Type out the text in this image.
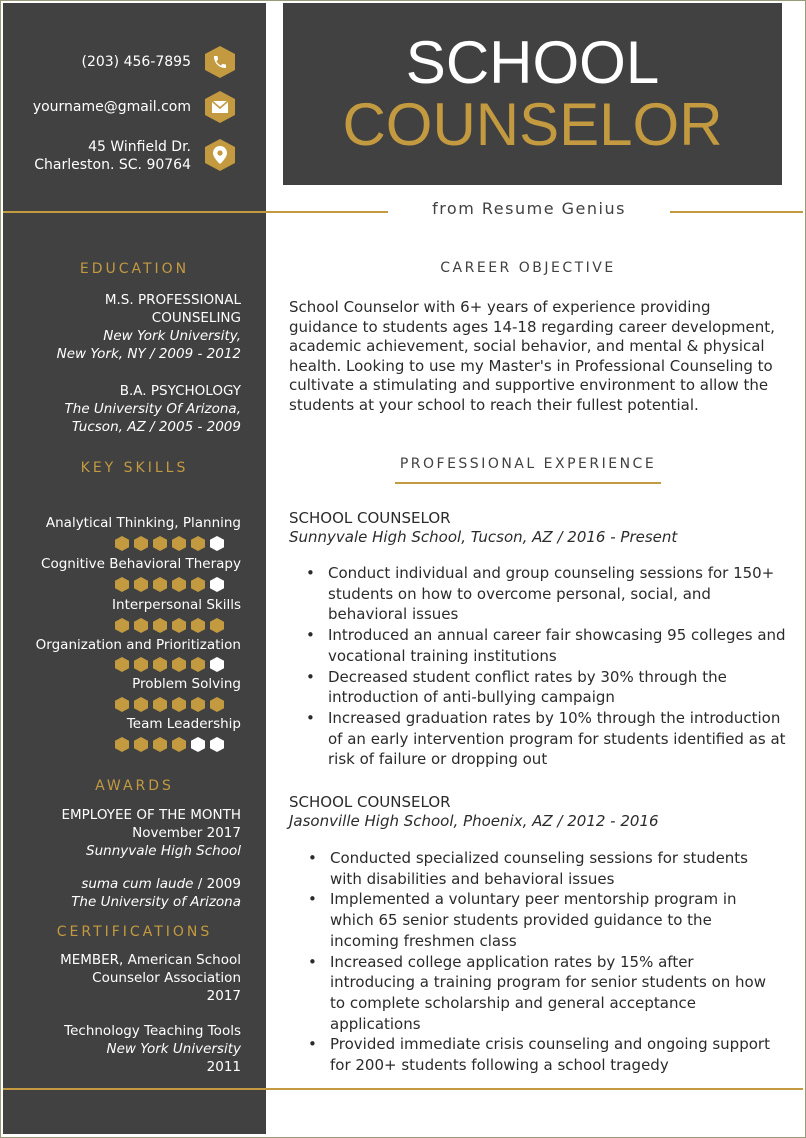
(203) 456-7895
yourname@gmail.com
45 Winfield Dr.
Charleston. SC. 90764
SCHOOL
COUNSELOR
from Resume Genius
EDUCATION
M.S. PROFESSIONAL
COUNSELING
New York University,
New York, NY / 2009 - 2012
B.A. PSYCHOLOGY
The University Of Arizona,
Tucson, AZ / 2005 - 2009
KEY SKILLS
Analytical Thinking, Planning
Cognitive Behavioral Therapy
Interpersonal Skills
Organization and Prioritization
Problem Solving
Team Leadership
AWARDS
EMPLOYEE OF THE MONTH
November 2017
Sunnyvale High School
suma cum laude / 2009
The University of Arizona
CERTIFICATIONS
MEMBER, American School
Counselor Association
2017
Technology Teaching Tools
New York University
2011
CAREER OBJECTIVE
School Counselor with 6+ years of experience providing guidance to students ages 14-18 regarding career development, academic achievement, social behavior, and mental & physical health. Looking to use my Master's in Professional Counseling to cultivate a stimulating and supportive environment to allow the students at your school to reach their fullest potential.
PROFESSIONAL EXPERIENCE
SCHOOL COUNSELOR
Sunnyvale High School, Tucson, AZ / 2016 - Present
• Conduct individual and group counseling sessions for 150+ students on how to overcome personal, social, and behavioral issues
• Introduced an annual career fair showcasing 95 colleges and vocational training institutions
• Decreased student conflict rates by 30% through the introduction of anti-bullying campaign
• Increased graduation rates by 10% through the introduction of an early intervention program for students identified as at risk of failure or dropping out
SCHOOL COUNSELOR
Jasonville High School, Phoenix, AZ / 2012 - 2016
• Conducted specialized counseling sessions for students with disabilities and behavioral issues
• Implemented a voluntary peer mentorship program in which 65 senior students provided guidance to the incoming freshmen class
• Increased college application rates by 15% after introducing a training program for senior students on how to complete scholarship and general acceptance applications
• Provided immediate crisis counseling and ongoing support for 200+ students following a school tragedy
